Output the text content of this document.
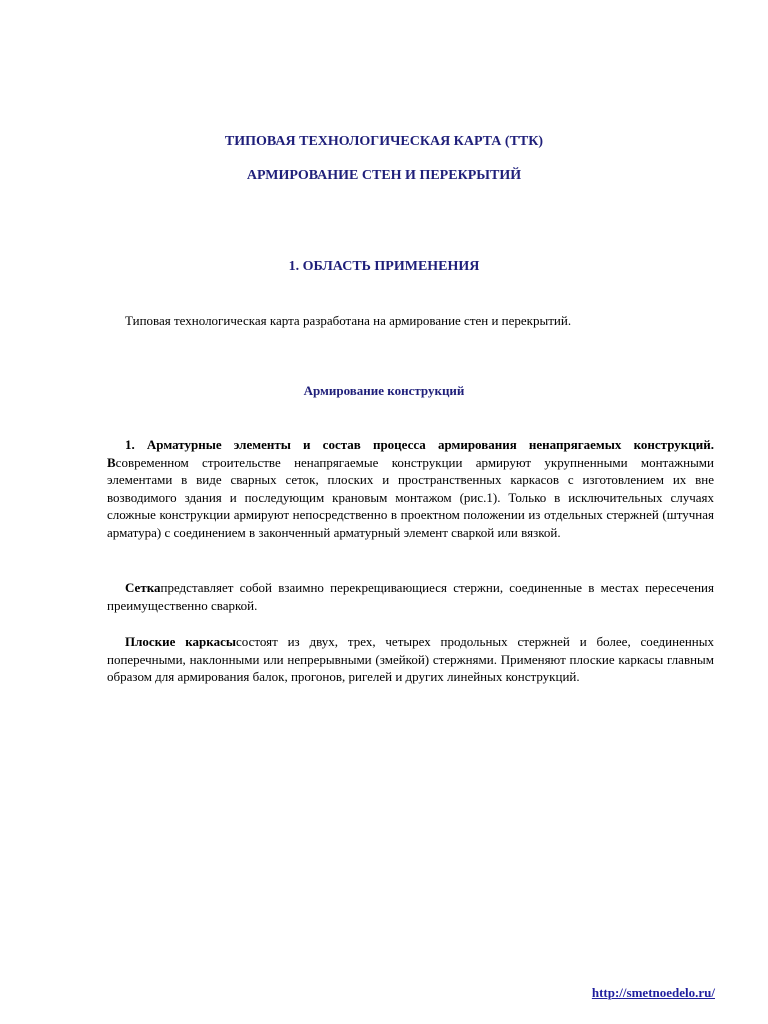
ТИПОВАЯ ТЕХНОЛОГИЧЕСКАЯ КАРТА (ТТК)
АРМИРОВАНИЕ СТЕН И ПЕРЕКРЫТИЙ
1. ОБЛАСТЬ ПРИМЕНЕНИЯ

Типовая технологическая карта разработана на армирование стен и перекрытий.

Армирование конструкций

1. Арматурные элементы и состав процесса армирования ненапрягаемых конструкций. Всовременном строительстве ненапрягаемые конструкции армируют укрупненными монтажными элементами в виде сварных сеток, плоских и пространственных каркасов с изготовлением их вне возводимого здания и последующим крановым монтажом (рис.1). Только в исключительных случаях сложные конструкции армируют непосредственно в проектном положении из отдельных стержней (штучная арматура) с соединением в законченный арматурный элемент сваркой или вязкой.

Сеткапредставляет собой взаимно перекрещивающиеся стержни, соединенные в местах пересечения преимущественно сваркой.

Плоские каркасысостоят из двух, трех, четырех продольных стержней и более, соединенных поперечными, наклонными или непрерывными (змейкой) стержнями. Применяют плоские каркасы главным образом для армирования балок, прогонов, ригелей и других линейных конструкций.

http://smetnoedelo.ru/
